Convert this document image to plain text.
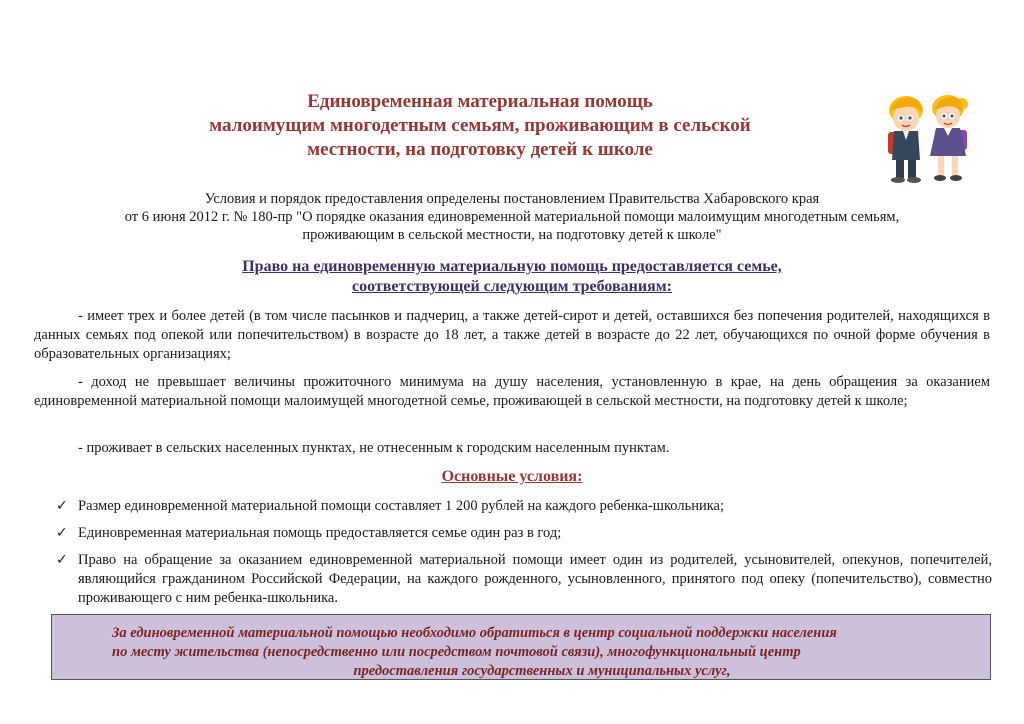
Единовременная материальная помощь
малоимущим многодетным семьям, проживающим в сельской
местности, на подготовку детей к школе
Условия и порядок предоставления определены постановлением Правительства Хабаровского края
от 6 июня 2012 г. № 180-пр "О порядке оказания единовременной материальной помощи малоимущим многодетным семьям,
проживающим в сельской местности, на подготовку детей к школе"
Право на единовременную материальную помощь предоставляется семье,
соответствующей следующим требованиям:
- имеет трех и более детей (в том числе пасынков и падчериц, а также детей-сирот и детей, оставшихся без попечения родителей, находящихся в данных семьях под опекой или попечительством) в возрасте до 18 лет, а также детей в возрасте до 22 лет, обучающихся по очной форме обучения в образовательных организациях;
- доход не превышает величины прожиточного минимума на душу населения, установленную в крае, на день обращения за оказанием единовременной материальной помощи малоимущей многодетной семье, проживающей в сельской местности, на подготовку детей к школе;
- проживает в сельских населенных пунктах, не отнесенным к городским населенным пунктам.
Основные условия:
✓ Размер единовременной материальной помощи составляет 1 200 рублей на каждого ребенка-школьника;
✓ Единовременная материальная помощь предоставляется семье один раз в год;
✓ Право на обращение за оказанием единовременной материальной помощи имеет один из родителей, усыновителей, опекунов, попечителей, являющийся гражданином Российской Федерации, на каждого рожденного, усыновленного, принятого под опеку (попечительство), совместно проживающего с ним ребенка-школьника.
За единовременной материальной помощью необходимо обратиться в центр социальной поддержки населения
по месту жительства (непосредственно или посредством почтовой связи), многофункциональный центр
предоставления государственных и муниципальных услуг,
